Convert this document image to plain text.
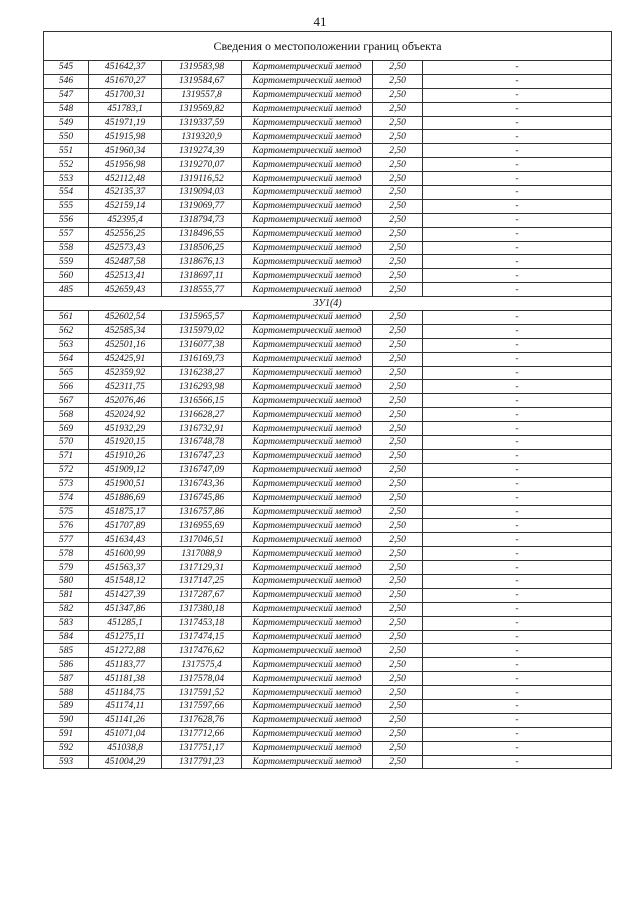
41
Сведения о местоположении границ объекта					
545	451642,37	1319583,98	Картометрический метод	2,50	-
546	451670,27	1319584,67	Картометрический метод	2,50	-
547	451700,31	1319557,8	Картометрический метод	2,50	-
548	451783,1	1319569,82	Картометрический метод	2,50	-
549	451971,19	1319337,59	Картометрический метод	2,50	-
550	451915,98	1319320,9	Картометрический метод	2,50	-
551	451960,34	1319274,39	Картометрический метод	2,50	-
552	451956,98	1319270,07	Картометрический метод	2,50	-
553	452112,48	1319116,52	Картометрический метод	2,50	-
554	452135,37	1319094,03	Картометрический метод	2,50	-
555	452159,14	1319069,77	Картометрический метод	2,50	-
556	452395,4	1318794,73	Картометрический метод	2,50	-
557	452556,25	1318496,55	Картометрический метод	2,50	-
558	452573,43	1318506,25	Картометрический метод	2,50	-
559	452487,58	1318676,13	Картометрический метод	2,50	-
560	452513,41	1318697,11	Картометрический метод	2,50	-
485	452659,43	1318555,77	Картометрический метод	2,50	-
ЗУ1(4)					
561	452602,54	1315965,57	Картометрический метод	2,50	-
562	452585,34	1315979,02	Картометрический метод	2,50	-
563	452501,16	1316077,38	Картометрический метод	2,50	-
564	452425,91	1316169,73	Картометрический метод	2,50	-
565	452359,92	1316238,27	Картометрический метод	2,50	-
566	452311,75	1316293,98	Картометрический метод	2,50	-
567	452076,46	1316566,15	Картометрический метод	2,50	-
568	452024,92	1316628,27	Картометрический метод	2,50	-
569	451932,29	1316732,91	Картометрический метод	2,50	-
570	451920,15	1316748,78	Картометрический метод	2,50	-
571	451910,26	1316747,23	Картометрический метод	2,50	-
572	451909,12	1316747,09	Картометрический метод	2,50	-
573	451900,51	1316743,36	Картометрический метод	2,50	-
574	451886,69	1316745,86	Картометрический метод	2,50	-
575	451875,17	1316757,86	Картометрический метод	2,50	-
576	451707,89	1316955,69	Картометрический метод	2,50	-
577	451634,43	1317046,51	Картометрический метод	2,50	-
578	451600,99	1317088,9	Картометрический метод	2,50	-
579	451563,37	1317129,31	Картометрический метод	2,50	-
580	451548,12	1317147,25	Картометрический метод	2,50	-
581	451427,39	1317287,67	Картометрический метод	2,50	-
582	451347,86	1317380,18	Картометрический метод	2,50	-
583	451285,1	1317453,18	Картометрический метод	2,50	-
584	451275,11	1317474,15	Картометрический метод	2,50	-
585	451272,88	1317476,62	Картометрический метод	2,50	-
586	451183,77	1317575,4	Картометрический метод	2,50	-
587	451181,38	1317578,04	Картометрический метод	2,50	-
588	451184,75	1317591,52	Картометрический метод	2,50	-
589	451174,11	1317597,66	Картометрический метод	2,50	-
590	451141,26	1317628,76	Картометрический метод	2,50	-
591	451071,04	1317712,66	Картометрический метод	2,50	-
592	451038,8	1317751,17	Картометрический метод	2,50	-
593	451004,29	1317791,23	Картометрический метод	2,50	-
